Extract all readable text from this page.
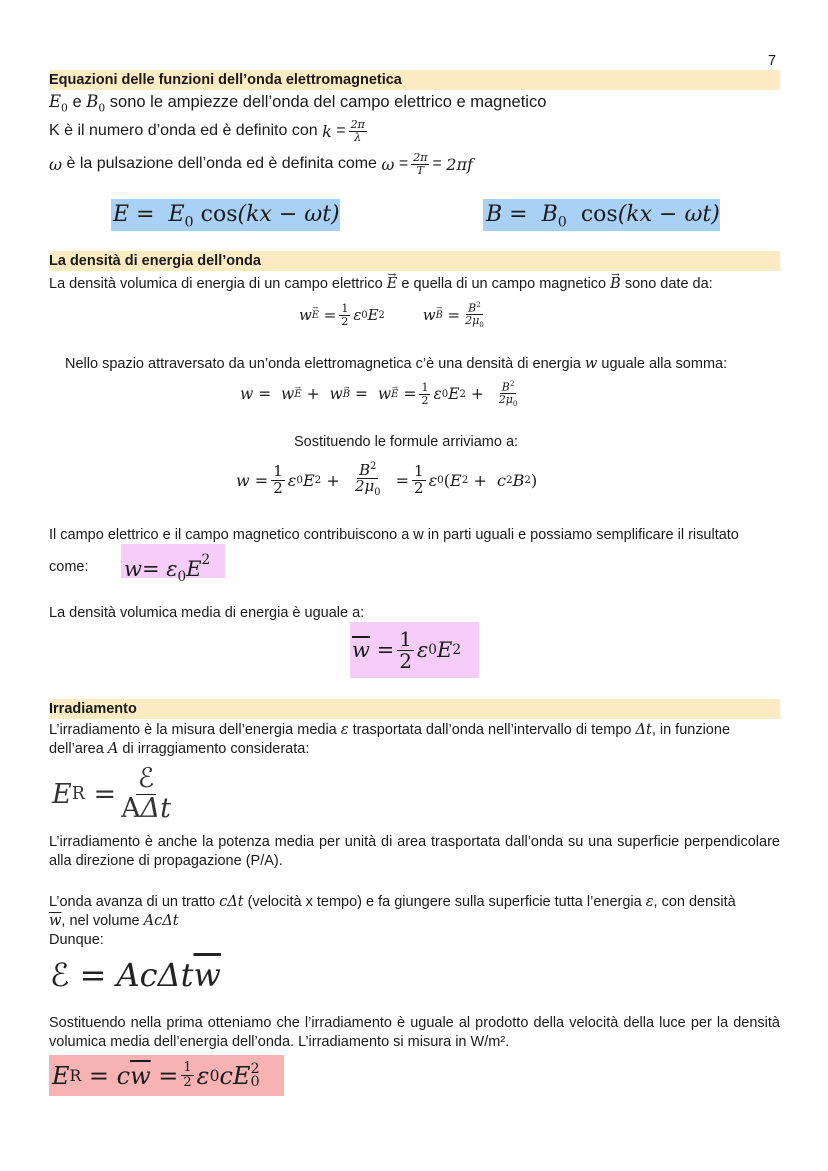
7
Equazioni delle funzioni dell’onda elettromagnetica
$E_0$ e $B_0$ sono le ampiezze dell’onda del campo elettrico e magnetico
K è il numero d’onda ed è definito con
$k = \frac{2\pi}{\lambda}$
ω
è la pulsazione dell’onda ed è definita come
$\omega = \frac{2\pi}{T} = 2\pi f$
$E = E_0$ cos(kx − ωt)	$B = B_0$ cos(kx − ωt)
La densità di energia dell’onda
La densità volumica di energia di un campo elettrico E → e quella di un campo magnetico B → sono date da:
w E → = $\frac{1}{2}$ ε 0 E 2	w B → = $\frac{B^2}{2\mu_0}$
Nello spazio attraversato da un’onda elettromagnetica c’è una densità di energia w uguale alla somma:
w =  w E → +  w B → =  w E → = $\frac{1}{2}$ ε 0 E $2 + \frac{B^2}{2\mu_0}$
Sostituendo le formule arriviamo a:
$w = \frac{1}{2}$ ε 0 E $2 + \frac{B^2}{2\mu_0} = \frac{1}{2}$ ε 0 ( E 2 +  c 2 B 2 )
Il campo elettrico e il campo magnetico contribuiscono a w in parti uguali e possiamo semplificare il risultato
come: $w= \varepsilon_0E^2$
La densità volumica media di energia è uguale a:
$\overline{w} = \frac{1}{2}$ ε 0 E 2
Irradiamento
L’irradiamento è la misura dell’energia media ε trasportata dall’onda nell’intervallo di tempo Δt, in funzione
dell’area A di irraggiamento considerata:
E $R = \frac{\text{ℰ}}{\text{AΔt}}$
L’irradiamento è anche la potenza media per unità di area trasportata dall’onda su una superficie perpendicolare alla direzione di propagazione (P/A).
L’onda avanza di un tratto cΔt (velocità x tempo) e fa giungere sulla superficie tutta l’energia ε, con densità
$\overline{w}$, nel volume AcΔt
Dunque:
ℰ = AcΔt $\overline{w}$
Sostituendo nella prima otteniamo che l’irradiamento è uguale al prodotto della velocità della luce per la densità volumica media dell’energia dell’onda. L’irradiamento si misura in W/m².
E R = c $\overline{w} = \frac{1}{2}$ ε 0 cE 2
0
